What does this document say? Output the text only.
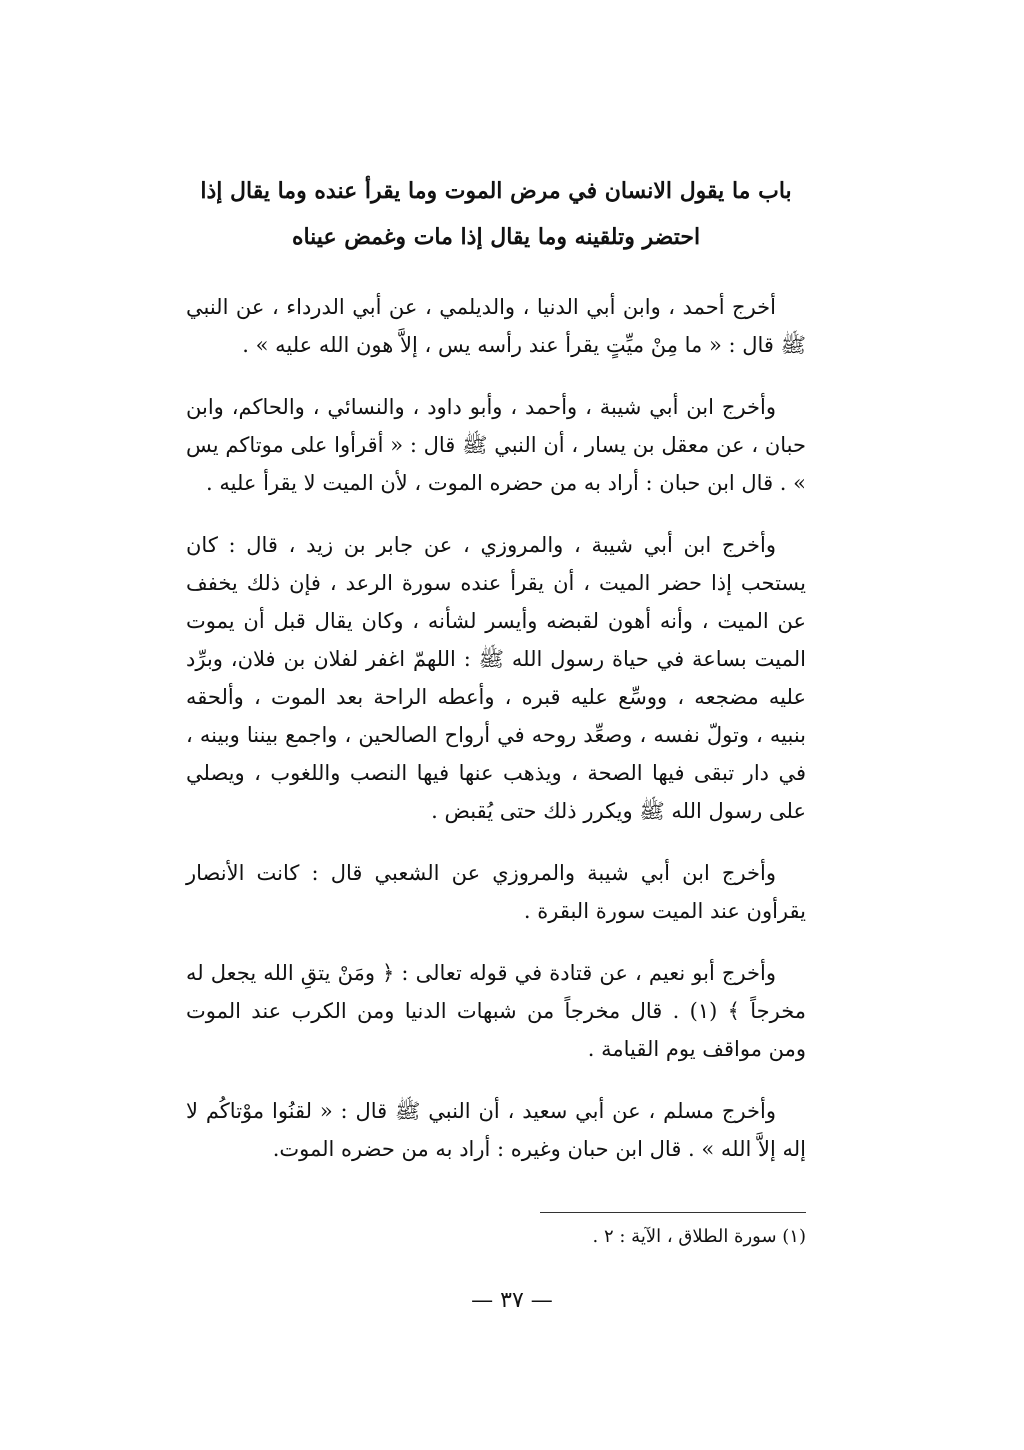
باب ما يقول الانسان في مرض الموت وما يقرأ عنده وما يقال إذا
احتضر وتلقينه وما يقال إذا مات وغمض عيناه

أخرج أحمد ، وابن أبي الدنيا ، والديلمي ، عن أبي الدرداء ، عن النبي ﷺ قال : « ما مِنْ ميِّتٍ يقرأ عند رأسه يس ، إلاَّ هون الله عليه » .

وأخرج ابن أبي شيبة ، وأحمد ، وأبو داود ، والنسائي ، والحاكم، وابن حبان ، عن معقل بن يسار ، أن النبي ﷺ قال : « أقرأوا على موتاكم يس » . قال ابن حبان : أراد به من حضره الموت ، لأن الميت لا يقرأ عليه .

وأخرج ابن أبي شيبة ، والمروزي ، عن جابر بن زيد ، قال : كان يستحب إذا حضر الميت ، أن يقرأ عنده سورة الرعد ، فإن ذلك يخفف عن الميت ، وأنه أهون لقبضه وأيسر لشأنه ، وكان يقال قبل أن يموت الميت بساعة في حياة رسول الله ﷺ : اللهمّ اغفر لفلان بن فلان، وبرِّد عليه مضجعه ، ووسِّع عليه قبره ، وأعطه الراحة بعد الموت ، وألحقه بنبيه ، وتولّ نفسه ، وصعِّد روحه في أرواح الصالحين ، واجمع بيننا وبينه ، في دار تبقى فيها الصحة ، ويذهب عنها فيها النصب واللغوب ، ويصلي على رسول الله ﷺ ويكرر ذلك حتى يُقبض .

وأخرج ابن أبي شيبة والمروزي عن الشعبي قال : كانت الأنصار يقرأون عند الميت سورة البقرة .

وأخرج أبو نعيم ، عن قتادة في قوله تعالى : ﴿ ومَنْ يتقِ الله يجعل له مخرجاً ﴾ (١) . قال مخرجاً من شبهات الدنيا ومن الكرب عند الموت ومن مواقف يوم القيامة .

وأخرج مسلم ، عن أبي سعيد ، أن النبي ﷺ قال : « لقنُوا موْتاكُم لا إله إلاَّ الله » . قال ابن حبان وغيره : أراد به من حضره الموت.

(١) سورة الطلاق ، الآية : ٢ .
— ٣٧ —
